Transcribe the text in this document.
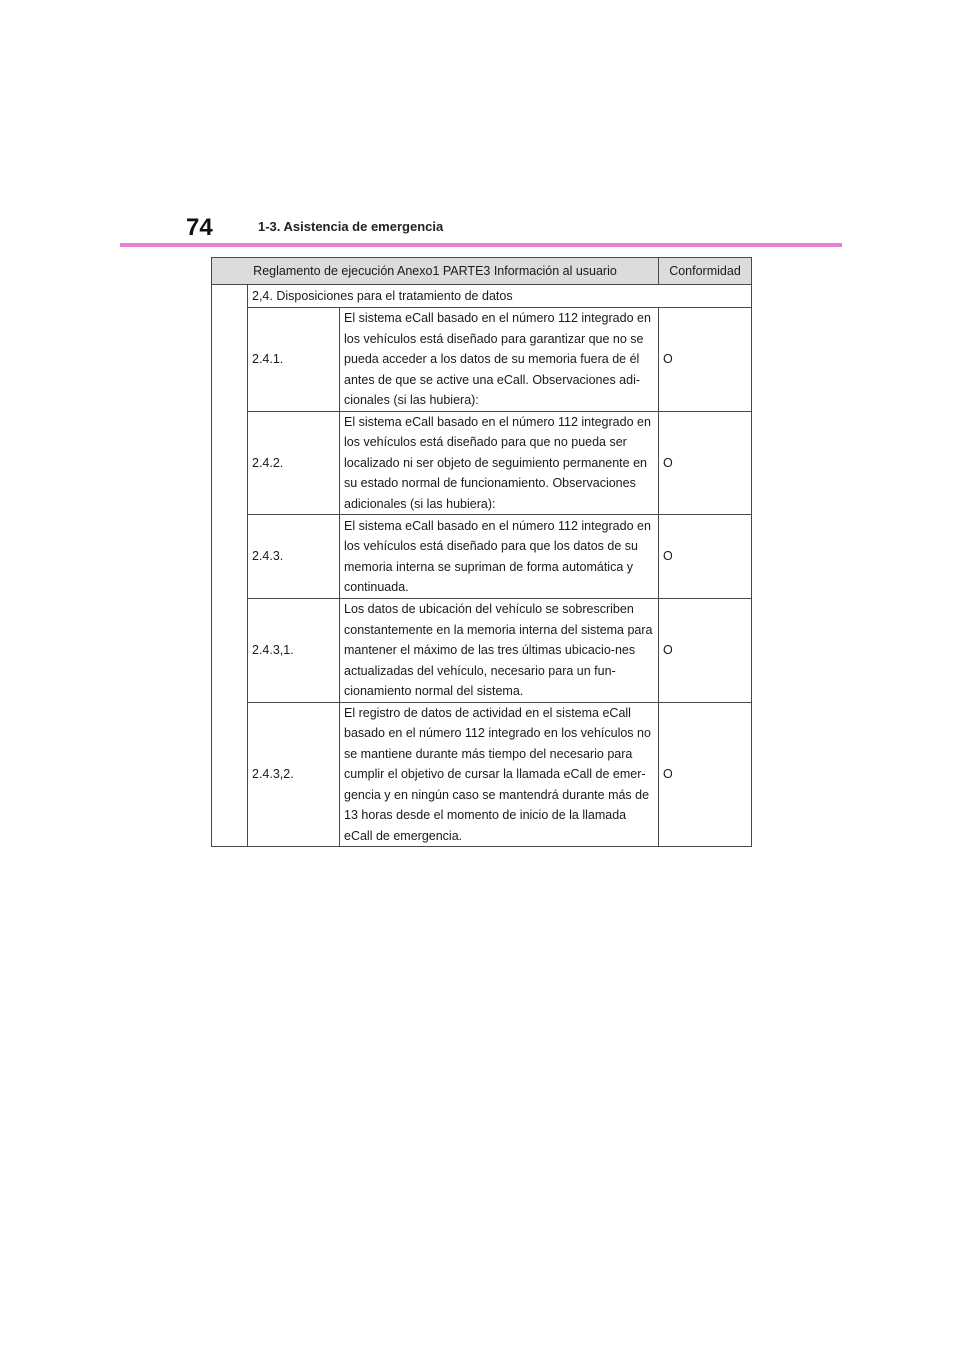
74	1-3. Asistencia de emergencia
Reglamento de ejecución Anexo1 PARTE3 Información al usuario			Conformidad
	2,4. Disposiciones para el tratamiento de datos		
	2.4.1.	El sistema eCall basado en el número 112 integrado en los vehículos está diseñado para garantizar que no se pueda acceder a los datos de su memoria fuera de él antes de que se active una eCall. Observaciones adi-cionales (si las hubiera):	O
	2.4.2.	El sistema eCall basado en el número 112 integrado en los vehículos está diseñado para que no pueda ser localizado ni ser objeto de seguimiento permanente en su estado normal de funcionamiento. Observaciones adicionales (si las hubiera):	O
	2.4.3.	El sistema eCall basado en el número 112 integrado en los vehículos está diseñado para que los datos de su memoria interna se supriman de forma automática y continuada.	O
	2.4.3,1.	Los datos de ubicación del vehículo se sobrescriben constantemente en la memoria interna del sistema para mantener el máximo de las tres últimas ubicacio-nes actualizadas del vehículo, necesario para un fun-cionamiento normal del sistema.	O
	2.4.3,2.	El registro de datos de actividad en el sistema eCall basado en el número 112 integrado en los vehículos no se mantiene durante más tiempo del necesario para cumplir el objetivo de cursar la llamada eCall de emer-gencia y en ningún caso se mantendrá durante más de 13 horas desde el momento de inicio de la llamada eCall de emergencia.	O
